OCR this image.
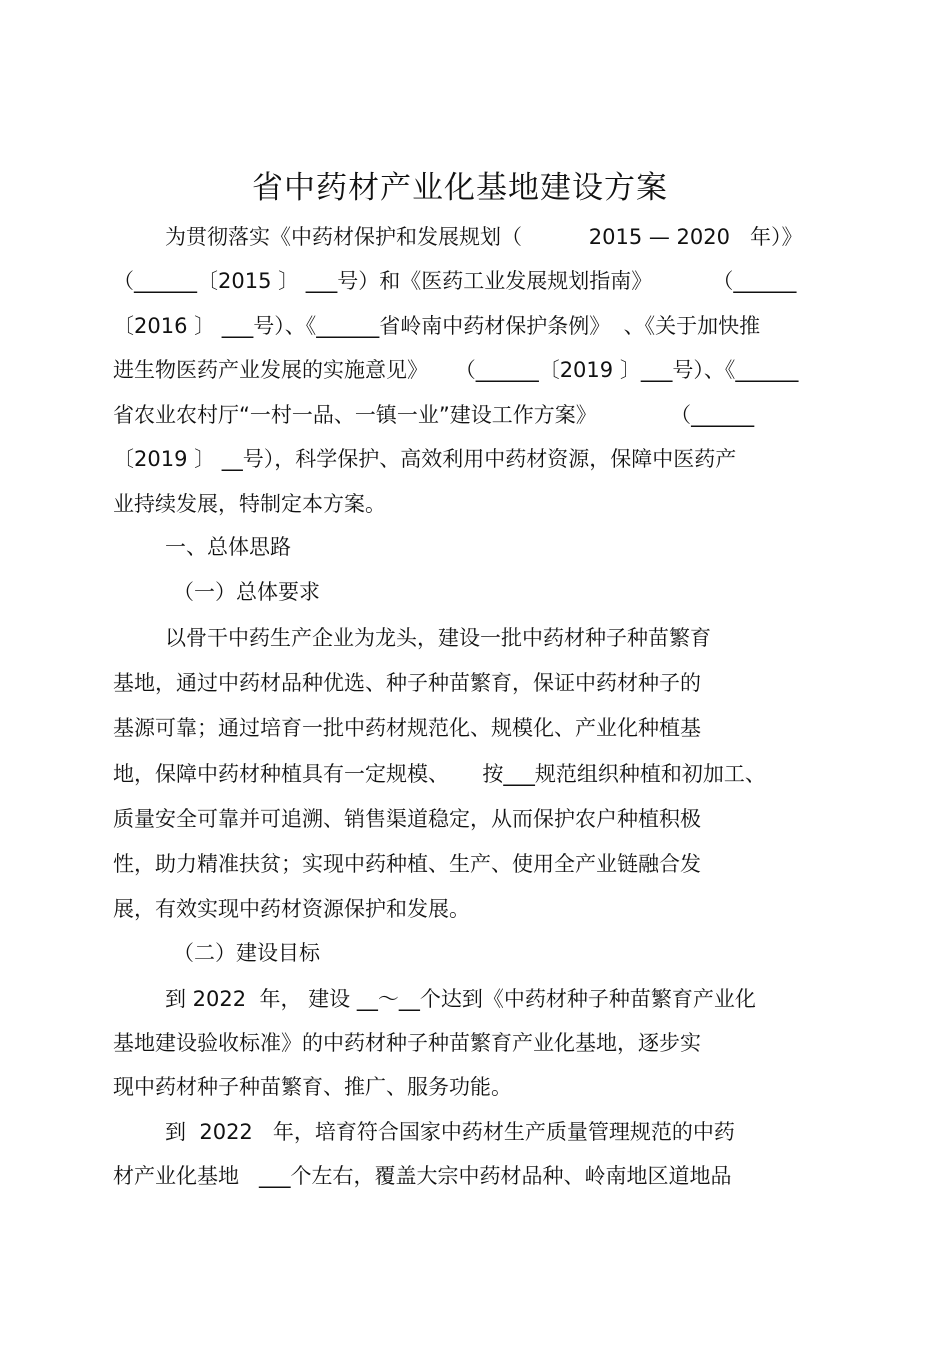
省中药材产业化基地建设方案
为贯彻落实《中药材保护和发展规划（          2015 — 2020   年）》
（______〔2015 〕 ___号）和《医药工业发展规划指南》         （______
〔2016 〕 ___号）、《______省岭南中药材保护条例》  、《关于加快推
进生物医药产业发展的实施意见》    （______〔2019 〕___号）、《______
省农业农村厅“一村一品、一镇一业”建设工作方案》           （______
〔2019 〕 __号），科学保护、高效利用中药材资源，保障中医药产
业持续发展，特制定本方案。
一、总体思路
（一）总体要求
以骨干中药生产企业为龙头，建设一批中药材种子种苗繁育
基地，通过中药材品种优选、种子种苗繁育，保证中药材种子的
基源可靠；通过培育一批中药材规范化、规模化、产业化种植基
地，保障中药材种植具有一定规模、     按___规范组织种植和初加工、
质量安全可靠并可追溯、销售渠道稳定，从而保护农户种植积极
性，助力精准扶贫；实现中药种植、生产、使用全产业链融合发
展，有效实现中药材资源保护和发展。
（二）建设目标
到 2022  年， 建设 __～__个达到《中药材种子种苗繁育产业化
基地建设验收标准》的中药材种子种苗繁育产业化基地，逐步实
现中药材种子种苗繁育、推广、服务功能。
到  2022   年，培育符合国家中药材生产质量管理规范的中药
材产业化基地   ___个左右，覆盖大宗中药材品种、岭南地区道地品
